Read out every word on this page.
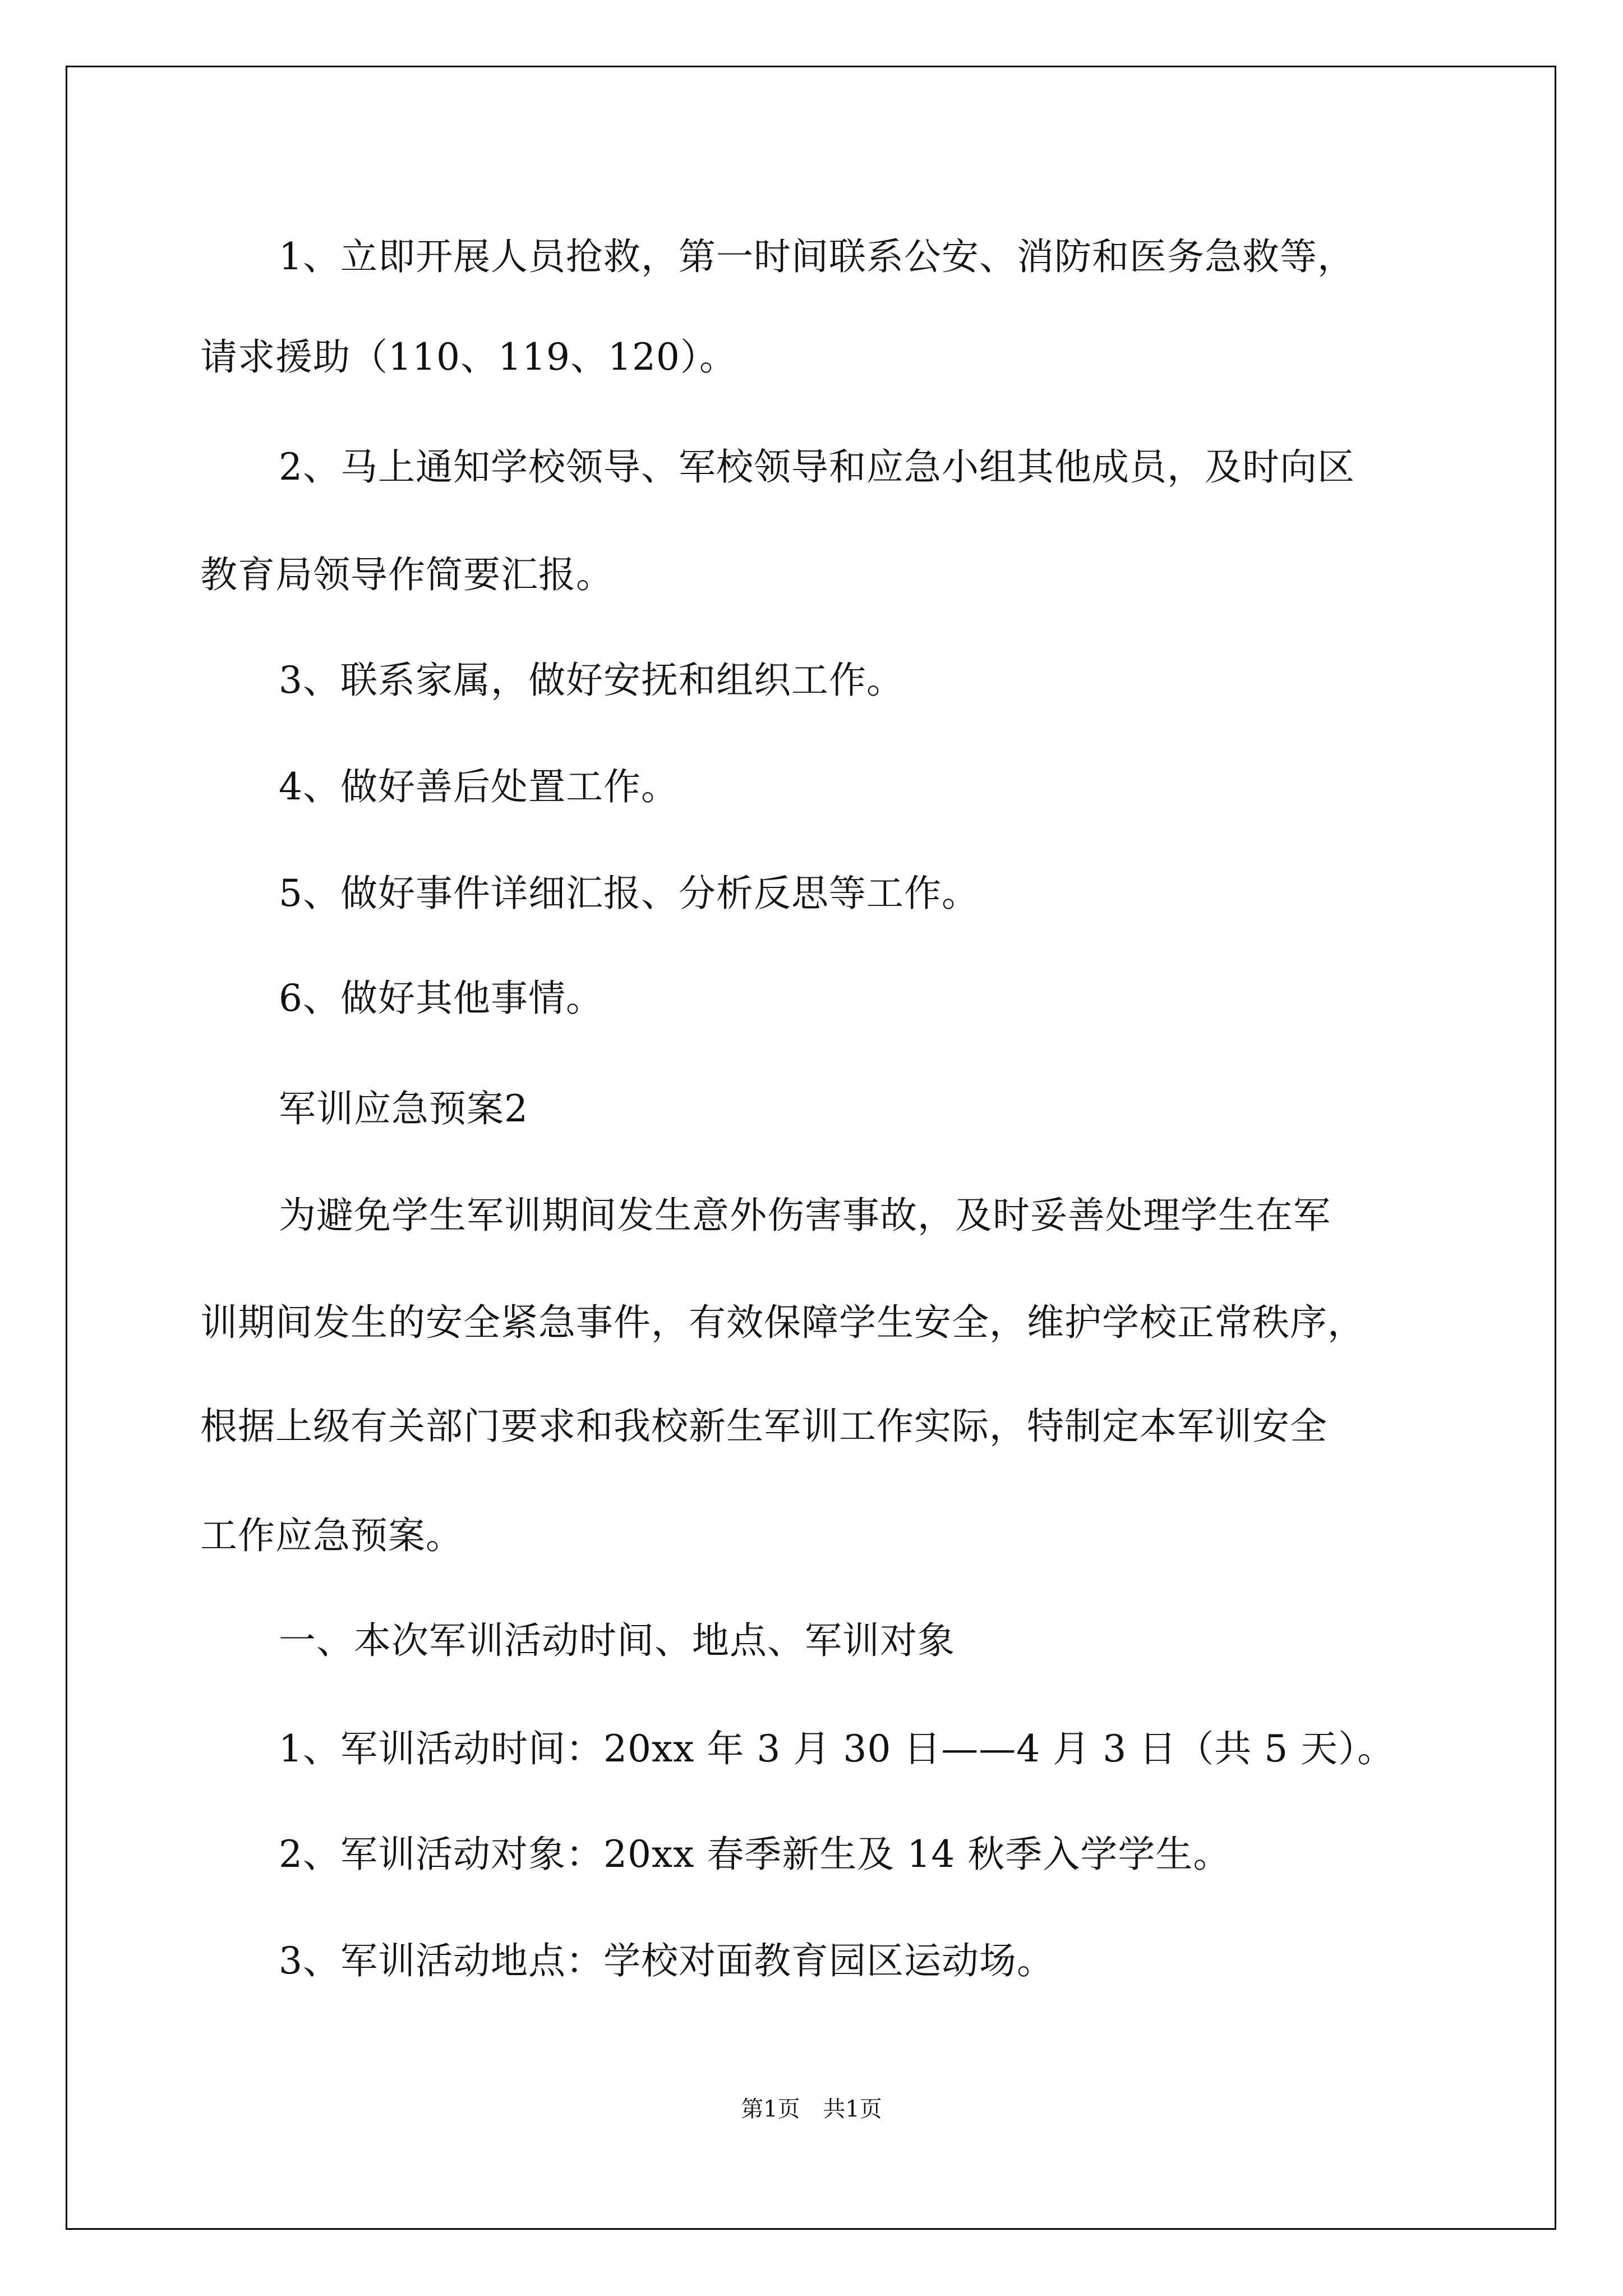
1、立即开展人员抢救，第一时间联系公安、消防和医务急救等，
请求援助（110、119、120）。
2、马上通知学校领导、军校领导和应急小组其他成员，及时向区
教育局领导作简要汇报。
3、联系家属，做好安抚和组织工作。
4、做好善后处置工作。
5、做好事件详细汇报、分析反思等工作。
6、做好其他事情。
军训应急预案2
为避免学生军训期间发生意外伤害事故，及时妥善处理学生在军
训期间发生的安全紧急事件，有效保障学生安全，维护学校正常秩序，
根据上级有关部门要求和我校新生军训工作实际，特制定本军训安全
工作应急预案。
一、本次军训活动时间、地点、军训对象
1、军训活动时间：20xx 年 3 月 30 日——4 月 3 日（共 5 天）。
2、军训活动对象：20xx 春季新生及 14 秋季入学学生。
3、军训活动地点：学校对面教育园区运动场。
第1页 共1页
